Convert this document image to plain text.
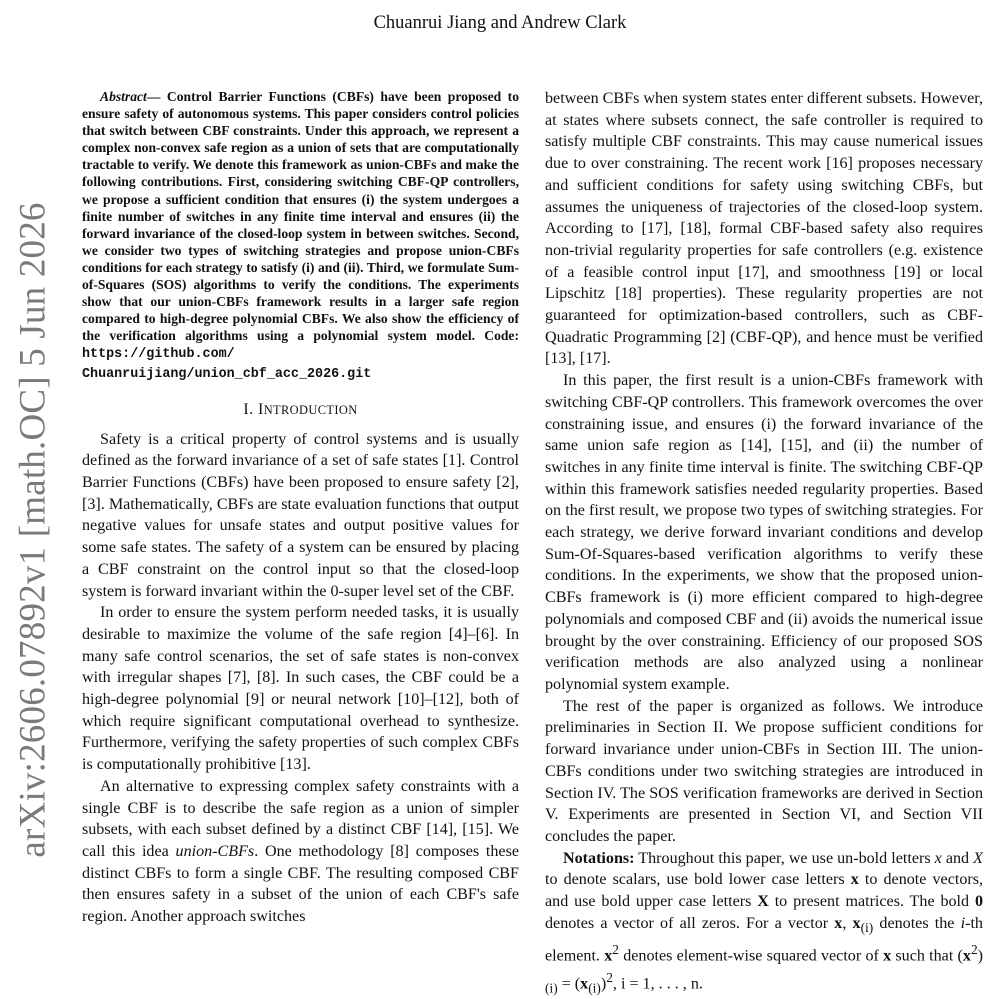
Chuanrui Jiang and Andrew Clark
arXiv:2606.07892v1 [math.OC] 5 Jun 2026

Abstract— Control Barrier Functions (CBFs) have been proposed to ensure safety of autonomous systems. This paper considers control policies that switch between CBF constraints. Under this approach, we represent a complex non-convex safe region as a union of sets that are computationally tractable to verify. We denote this framework as union-CBFs and make the following contributions. First, considering switching CBF-QP controllers, we propose a sufficient condition that ensures (i) the system undergoes a finite number of switches in any finite time interval and ensures (ii) the forward invariance of the closed-loop system in between switches. Second, we consider two types of switching strategies and propose union-CBFs conditions for each strategy to satisfy (i) and (ii). Third, we formulate Sum-of-Squares (SOS) algorithms to verify the conditions. The experiments show that our union-CBFs framework results in a larger safe region compared to high-degree polynomial CBFs. We also show the efficiency of the verification algorithms using a polynomial system model. Code: https://github.com/ Chuanruijiang/union_cbf_acc_2026.git

I. INTRODUCTION

Safety is a critical property of control systems and is usually defined as the forward invariance of a set of safe states [1]. Control Barrier Functions (CBFs) have been proposed to ensure safety [2], [3]. Mathematically, CBFs are state evaluation functions that output negative values for unsafe states and output positive values for some safe states. The safety of a system can be ensured by placing a CBF constraint on the control input so that the closed-loop system is forward invariant within the 0-super level set of the CBF.

In order to ensure the system perform needed tasks, it is usually desirable to maximize the volume of the safe region [4]–[6]. In many safe control scenarios, the set of safe states is non-convex with irregular shapes [7], [8]. In such cases, the CBF could be a high-degree polynomial [9] or neural network [10]–[12], both of which require significant computational overhead to synthesize. Furthermore, verifying the safety properties of such complex CBFs is computationally prohibitive [13].

An alternative to expressing complex safety constraints with a single CBF is to describe the safe region as a union of simpler subsets, with each subset defined by a distinct CBF [14], [15]. We call this idea union-CBFs. One methodology [8] composes these distinct CBFs to form a single CBF. The resulting composed CBF then ensures safety in a subset of the union of each CBF's safe region. Another approach switches

between CBFs when system states enter different subsets. However, at states where subsets connect, the safe controller is required to satisfy multiple CBF constraints. This may cause numerical issues due to over constraining. The recent work [16] proposes necessary and sufficient conditions for safety using switching CBFs, but assumes the uniqueness of trajectories of the closed-loop system. According to [17], [18], formal CBF-based safety also requires non-trivial regularity properties for safe controllers (e.g. existence of a feasible control input [17], and smoothness [19] or local Lipschitz [18] properties). These regularity properties are not guaranteed for optimization-based controllers, such as CBF-Quadratic Programming [2] (CBF-QP), and hence must be verified [13], [17].

In this paper, the first result is a union-CBFs framework with switching CBF-QP controllers. This framework overcomes the over constraining issue, and ensures (i) the forward invariance of the same union safe region as [14], [15], and (ii) the number of switches in any finite time interval is finite. The switching CBF-QP within this framework satisfies needed regularity properties. Based on the first result, we propose two types of switching strategies. For each strategy, we derive forward invariant conditions and develop Sum-Of-Squares-based verification algorithms to verify these conditions. In the experiments, we show that the proposed union-CBFs framework is (i) more efficient compared to high-degree polynomials and composed CBF and (ii) avoids the numerical issue brought by the over constraining. Efficiency of our proposed SOS verification methods are also analyzed using a nonlinear polynomial system example.

The rest of the paper is organized as follows. We introduce preliminaries in Section II. We propose sufficient conditions for forward invariance under union-CBFs in Section III. The union-CBFs conditions under two switching strategies are introduced in Section IV. The SOS verification frameworks are derived in Section V. Experiments are presented in Section VI, and Section VII concludes the paper.

Notations: Throughout this paper, we use un-bold letters x and X to denote scalars, use bold lower case letters x to denote vectors, and use bold upper case letters X to present matrices. The bold 0 denotes a vector of all zeros. For a vector x, $x_{(i)}$ denotes the i-th element. $x^2$ denotes element-wise squared vector of x such that $(x^2)_{(i)} = (x_{(i)})^2$, i = 1, . . . , n.
